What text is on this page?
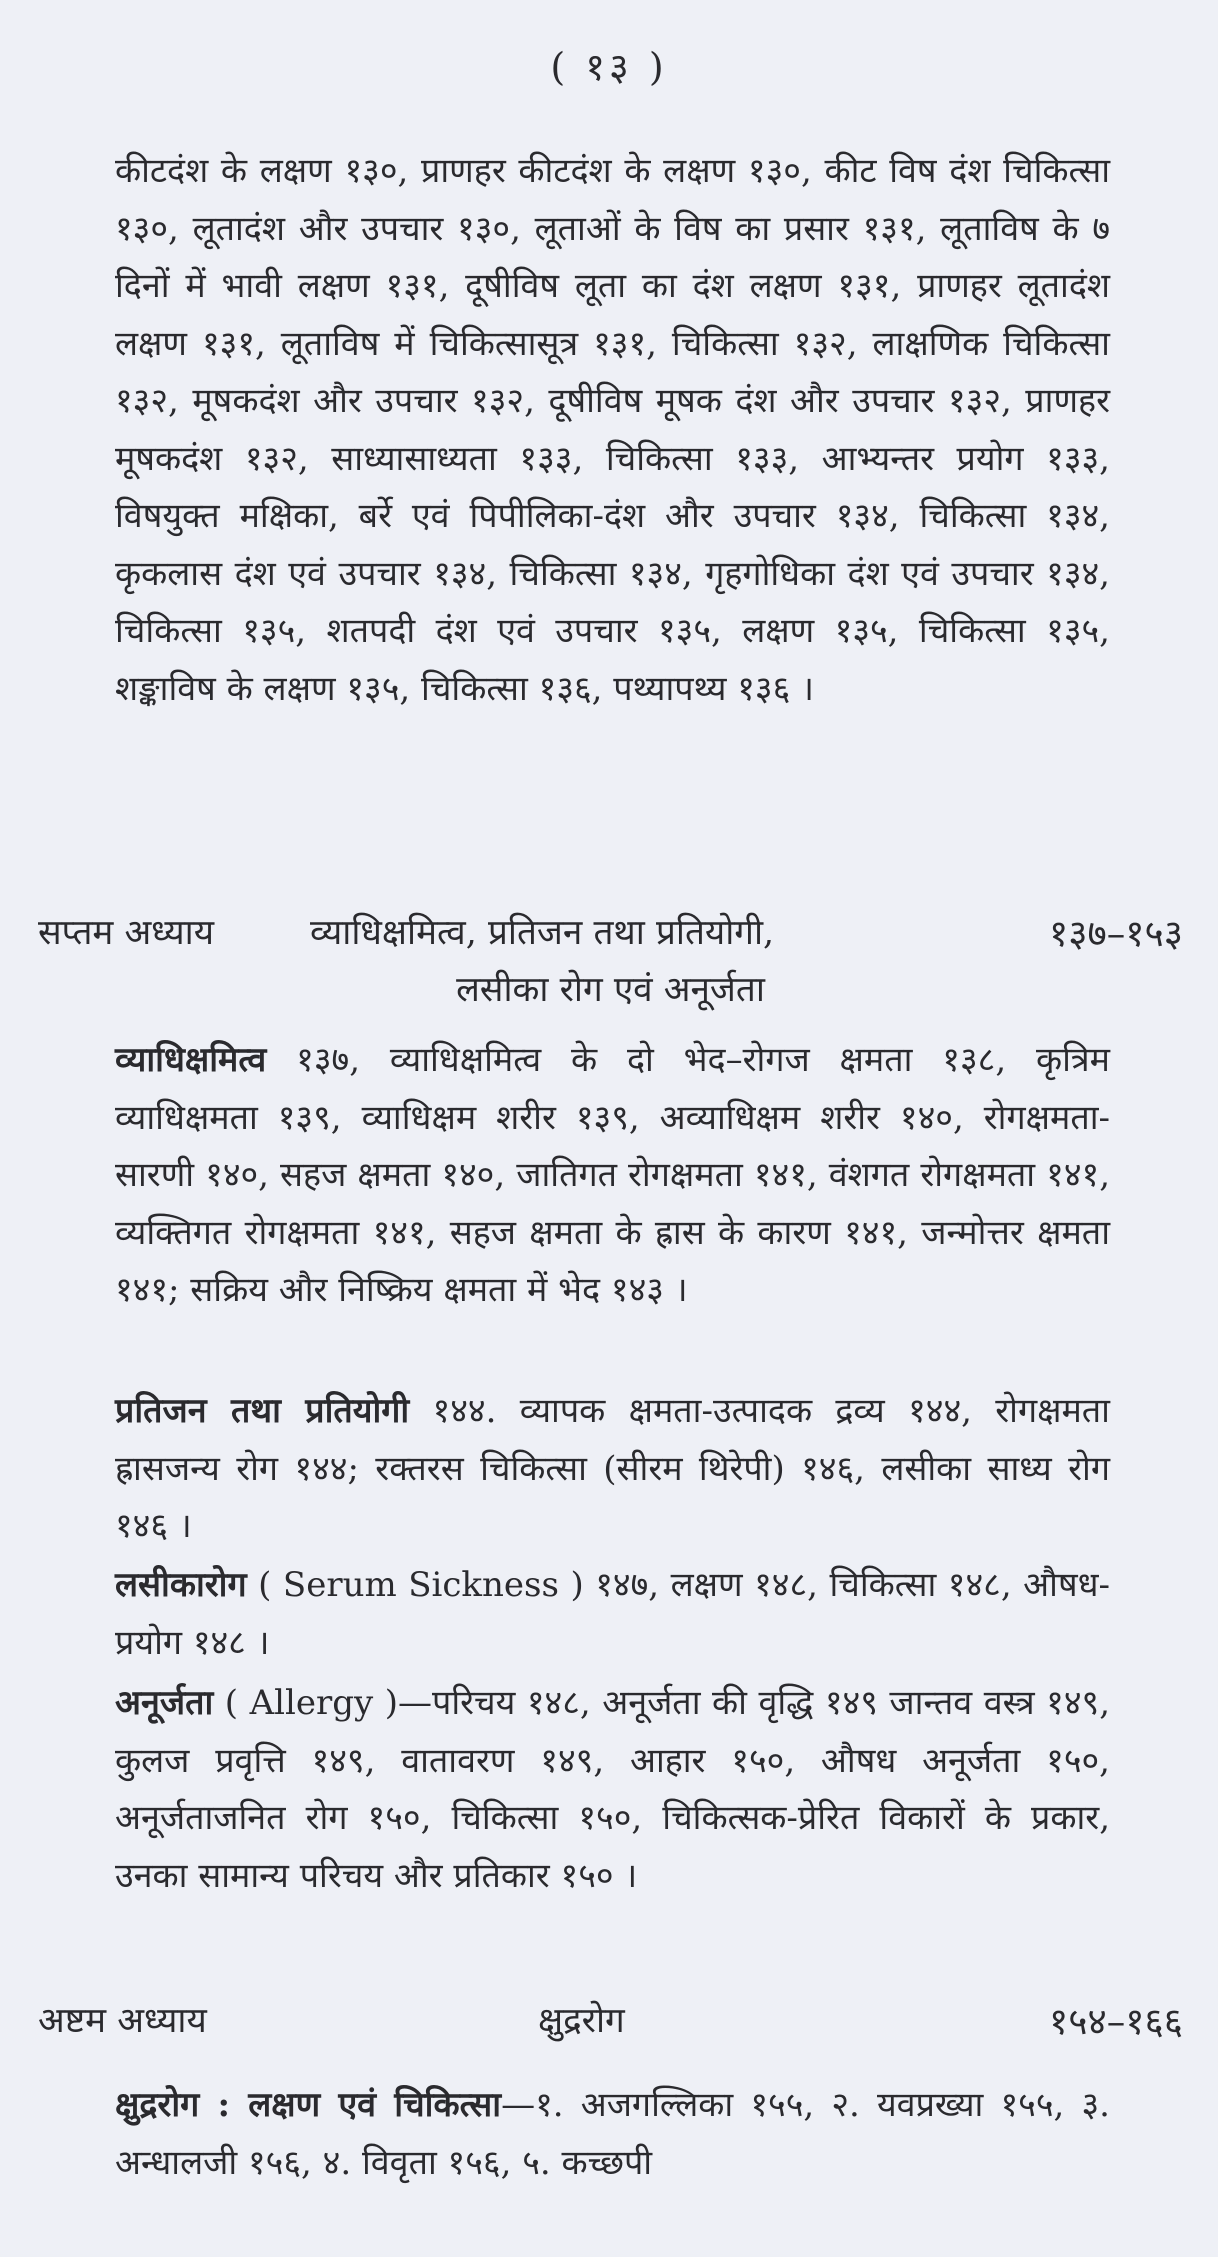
( १३ )

कीटदंश के लक्षण १३०, प्राणहर कीटदंश के लक्षण १३०, कीट विष दंश चिकित्सा १३०, लूतादंश और उपचार १३०, लूताओं के विष का प्रसार १३१, लूताविष के ७ दिनों में भावी लक्षण १३१, दूषीविष लूता का दंश लक्षण १३१, प्राणहर लूतादंश लक्षण १३१, लूताविष में चिकित्सासूत्र १३१, चिकित्सा १३२, लाक्षणिक चिकित्सा १३२, मूषकदंश और उपचार १३२, दूषीविष मूषक दंश और उपचार १३२, प्राणहर मूषकदंश १३२, साध्यासाध्यता १३३, चिकित्सा १३३, आभ्यन्तर प्रयोग १३३, विषयुक्त मक्षिका, बर्रे एवं पिपीलिका-दंश और उपचार १३४, चिकित्सा १३४, कृकलास दंश एवं उपचार १३४, चिकित्सा १३४, गृहगोधिका दंश एवं उपचार १३४, चिकित्सा १३५, शतपदी दंश एवं उपचार १३५, लक्षण १३५, चिकित्सा १३५, शङ्काविष के लक्षण १३५, चिकित्सा १३६, पथ्यापथ्य १३६ ।

सप्तम अध्याय	व्याधिक्षमित्व, प्रतिजन तथा प्रतियोगी,	१३७–१५३
लसीका रोग एवं अनूर्जता

व्याधिक्षमित्व १३७, व्याधिक्षमित्व के दो भेद–रोगज क्षमता १३८, कृत्रिम व्याधिक्षमता १३९, व्याधिक्षम शरीर १३९, अव्याधिक्षम शरीर १४०, रोगक्षमता-सारणी १४०, सहज क्षमता १४०, जातिगत रोगक्षमता १४१, वंशगत रोगक्षमता १४१, व्यक्तिगत रोगक्षमता १४१, सहज क्षमता के ह्रास के कारण १४१, जन्मोत्तर क्षमता १४१; सक्रिय और निष्क्रिय क्षमता में भेद १४३ ।

प्रतिजन तथा प्रतियोगी १४४. व्यापक क्षमता-उत्पादक द्रव्य १४४, रोगक्षमता ह्रासजन्य रोग १४४; रक्तरस चिकित्सा (सीरम थिरेपी) १४६, लसीका साध्य रोग १४६ ।

लसीकारोग ( Serum Sickness ) १४७, लक्षण १४८, चिकित्सा १४८, औषध-प्रयोग १४८ ।

अनूर्जता ( Allergy )—परिचय १४८, अनूर्जता की वृद्धि १४९ जान्तव वस्त्र १४९, कुलज प्रवृत्ति १४९, वातावरण १४९, आहार १५०, औषध अनूर्जता १५०, अनूर्जताजनित रोग १५०, चिकित्सा १५०, चिकित्सक-प्रेरित विकारों के प्रकार, उनका सामान्य परिचय और प्रतिकार १५० ।

अष्टम अध्याय	क्षुद्ररोग	१५४–१६६

क्षुद्ररोग : लक्षण एवं चिकित्सा—१. अजगल्लिका १५५, २. यवप्रख्या १५५, ३. अन्धालजी १५६, ४. विवृता १५६, ५. कच्छपी
